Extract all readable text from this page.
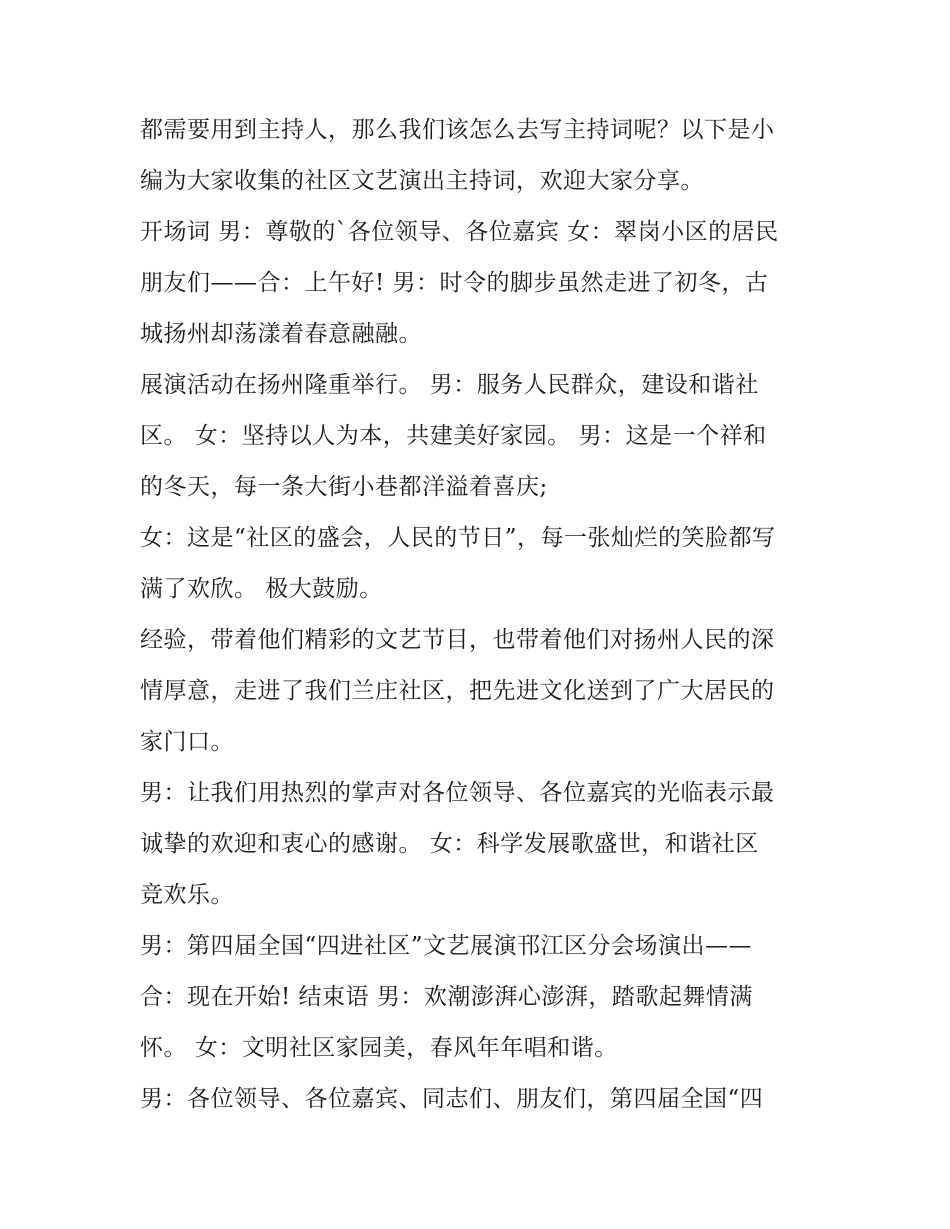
都需要用到主持人，那么我们该怎么去写主持词呢？以下是小
编为大家收集的社区文艺演出主持词，欢迎大家分享。
开场词 男：尊敬的`各位领导、各位嘉宾 女：翠岗小区的居民
朋友们——合：上午好! 男：时令的脚步虽然走进了初冬，古
城扬州却荡漾着春意融融。
展演活动在扬州隆重举行。 男：服务人民群众，建设和谐社
区。 女：坚持以人为本，共建美好家园。 男：这是一个祥和
的冬天，每一条大街小巷都洋溢着喜庆;
女：这是“社区的盛会，人民的节日”，每一张灿烂的笑脸都写
满了欢欣。 极大鼓励。
经验，带着他们精彩的文艺节目，也带着他们对扬州人民的深
情厚意，走进了我们兰庄社区，把先进文化送到了广大居民的
家门口。
男：让我们用热烈的掌声对各位领导、各位嘉宾的光临表示最
诚挚的欢迎和衷心的感谢。 女：科学发展歌盛世，和谐社区
竞欢乐。
男：第四届全国“四进社区”文艺展演邗江区分会场演出——
合：现在开始! 结束语 男：欢潮澎湃心澎湃，踏歌起舞情满
怀。 女：文明社区家园美，春风年年唱和谐。
男：各位领导、各位嘉宾、同志们、朋友们，第四届全国“四
